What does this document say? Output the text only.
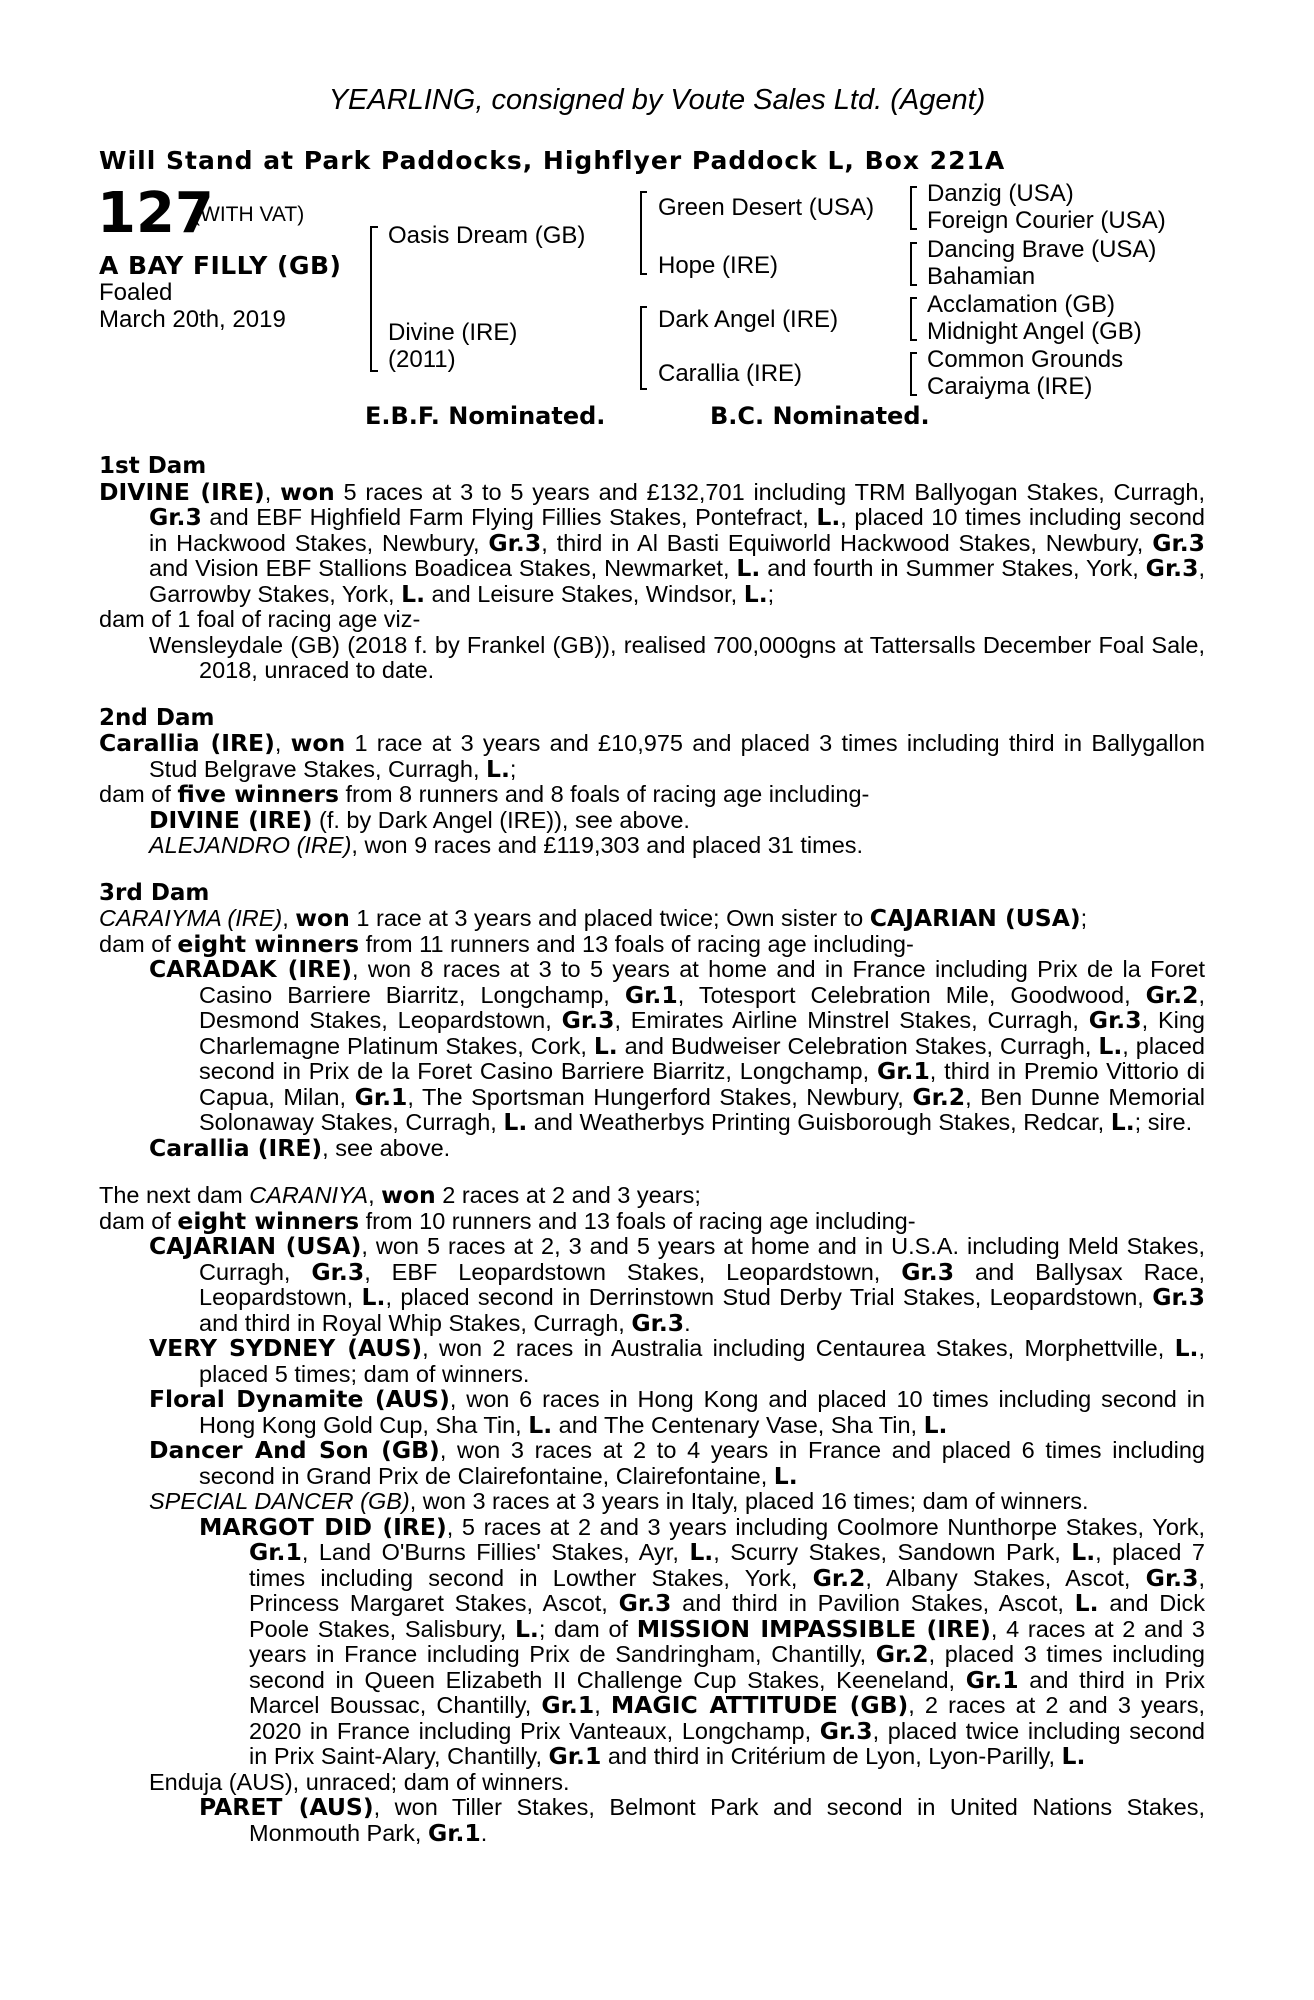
YEARLING, consigned by Voute Sales Ltd. (Agent)
Will Stand at Park Paddocks, Highflyer Paddock L, Box 221A
127
(WITH VAT)
A BAY FILLY (GB)
Foaled
March 20th, 2019
Oasis Dream (GB)
Divine (IRE)
(2011)
Green Desert (USA)
Hope (IRE)
Dark Angel (IRE)
Carallia (IRE)
Danzig (USA)
Foreign Courier (USA)
Dancing Brave (USA)
Bahamian
Acclamation (GB)
Midnight Angel (GB)
Common Grounds
Caraiyma (IRE)
E.B.F. Nominated.	B.C. Nominated.

1st Dam

DIVINE (IRE), won 5 races at 3 to 5 years and £132,701 including TRM Ballyogan Stakes, Curragh, Gr.3 and EBF Highfield Farm Flying Fillies Stakes, Pontefract, L., placed 10 times including second in Hackwood Stakes, Newbury, Gr.3, third in Al Basti Equiworld Hackwood Stakes, Newbury, Gr.3 and Vision EBF Stallions Boadicea Stakes, Newmarket, L. and fourth in Summer Stakes, York, Gr.3, Garrowby Stakes, York, L. and Leisure Stakes, Windsor, L.;

dam of 1 foal of racing age viz-

Wensleydale (GB) (2018 f. by Frankel (GB)), realised 700,000gns at Tattersalls December Foal Sale, 2018, unraced to date.

2nd Dam

Carallia (IRE), won 1 race at 3 years and £10,975 and placed 3 times including third in Ballygallon Stud Belgrave Stakes, Curragh, L.;

dam of five winners from 8 runners and 8 foals of racing age including-

DIVINE (IRE) (f. by Dark Angel (IRE)), see above.

ALEJANDRO (IRE), won 9 races and £119,303 and placed 31 times.

3rd Dam

CARAIYMA (IRE), won 1 race at 3 years and placed twice; Own sister to CAJARIAN (USA);

dam of eight winners from 11 runners and 13 foals of racing age including-

CARADAK (IRE), won 8 races at 3 to 5 years at home and in France including Prix de la Foret Casino Barriere Biarritz, Longchamp, Gr.1, Totesport Celebration Mile, Goodwood, Gr.2, Desmond Stakes, Leopardstown, Gr.3, Emirates Airline Minstrel Stakes, Curragh, Gr.3, King Charlemagne Platinum Stakes, Cork, L. and Budweiser Celebration Stakes, Curragh, L., placed second in Prix de la Foret Casino Barriere Biarritz, Longchamp, Gr.1, third in Premio Vittorio di Capua, Milan, Gr.1, The Sportsman Hungerford Stakes, Newbury, Gr.2, Ben Dunne Memorial Solonaway Stakes, Curragh, L. and Weatherbys Printing Guisborough Stakes, Redcar, L.; sire.

Carallia (IRE), see above.

The next dam CARANIYA, won 2 races at 2 and 3 years;

dam of eight winners from 10 runners and 13 foals of racing age including-

CAJARIAN (USA), won 5 races at 2, 3 and 5 years at home and in U.S.A. including Meld Stakes, Curragh, Gr.3, EBF Leopardstown Stakes, Leopardstown, Gr.3 and Ballysax Race, Leopardstown, L., placed second in Derrinstown Stud Derby Trial Stakes, Leopardstown, Gr.3 and third in Royal Whip Stakes, Curragh, Gr.3.

VERY SYDNEY (AUS), won 2 races in Australia including Centaurea Stakes, Morphettville, L., placed 5 times; dam of winners.

Floral Dynamite (AUS), won 6 races in Hong Kong and placed 10 times including second in Hong Kong Gold Cup, Sha Tin, L. and The Centenary Vase, Sha Tin, L.

Dancer And Son (GB), won 3 races at 2 to 4 years in France and placed 6 times including second in Grand Prix de Clairefontaine, Clairefontaine, L.

SPECIAL DANCER (GB), won 3 races at 3 years in Italy, placed 16 times; dam of winners.

MARGOT DID (IRE), 5 races at 2 and 3 years including Coolmore Nunthorpe Stakes, York, Gr.1, Land O'Burns Fillies' Stakes, Ayr, L., Scurry Stakes, Sandown Park, L., placed 7 times including second in Lowther Stakes, York, Gr.2, Albany Stakes, Ascot, Gr.3, Princess Margaret Stakes, Ascot, Gr.3 and third in Pavilion Stakes, Ascot, L. and Dick Poole Stakes, Salisbury, L.; dam of MISSION IMPASSIBLE (IRE), 4 races at 2 and 3 years in France including Prix de Sandringham, Chantilly, Gr.2, placed 3 times including second in Queen Elizabeth II Challenge Cup Stakes, Keeneland, Gr.1 and third in Prix Marcel Boussac, Chantilly, Gr.1, MAGIC ATTITUDE (GB), 2 races at 2 and 3 years, 2020 in France including Prix Vanteaux, Longchamp, Gr.3, placed twice including second in Prix Saint-Alary, Chantilly, Gr.1 and third in Critérium de Lyon, Lyon-Parilly, L.

Enduja (AUS), unraced; dam of winners.

PARET (AUS), won Tiller Stakes, Belmont Park and second in United Nations Stakes, Monmouth Park, Gr.1.
